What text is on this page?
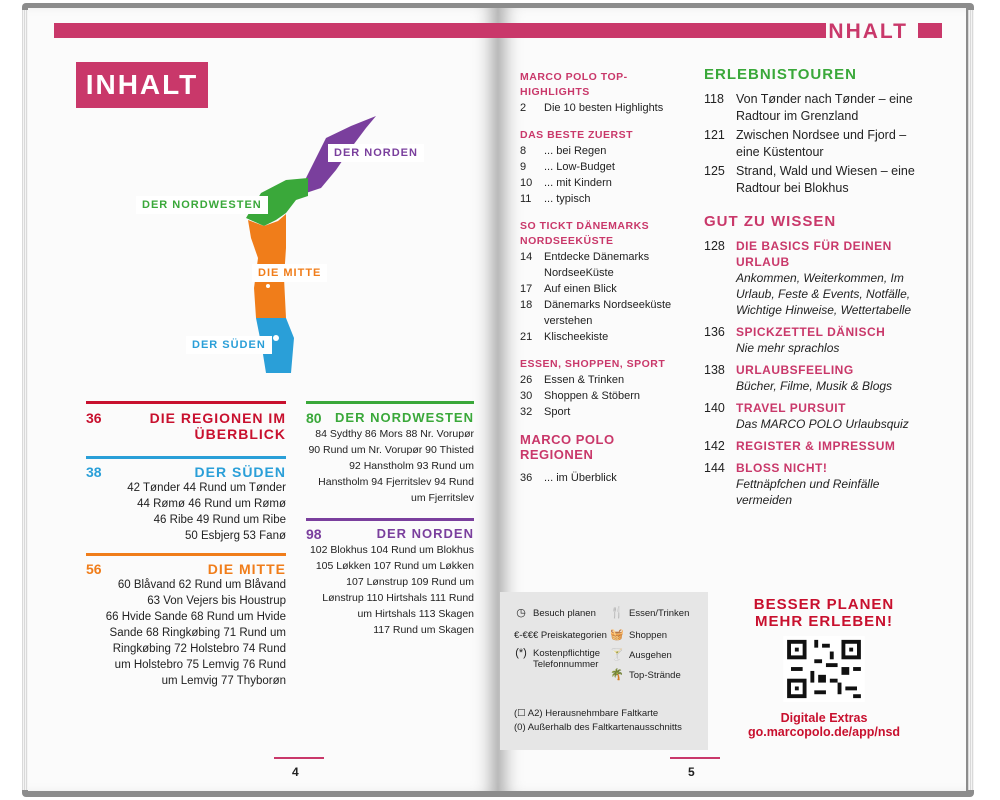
INHALT
DER NORDEN
DER NORDWESTEN
DIE MITTE
DER SÜDEN
36	DIE REGIONEN IM ÜBERBLICK
38	DER SÜDEN
42 Tønder 44 Rund um Tønder
44 Rømø 46 Rund um Rømø
46 Ribe 49 Rund um Ribe
50 Esbjerg 53 Fanø
56	DIE MITTE
60 Blåvand 62 Rund um Blåvand
63 Von Vejers bis Houstrup
66 Hvide Sande 68 Rund um Hvide
Sande 68 Ringkøbing 71 Rund um
Ringkøbing 72 Holstebro 74 Rund
um Holstebro 75 Lemvig 76 Rund
um Lemvig 77 Thyborøn
80 DER NORDWESTEN
84 Sydthy 86 Mors 88 Nr. Vorupør
90 Rund um Nr. Vorupør 90 Thisted
92 Hanstholm 93 Rund um
Hanstholm 94 Fjerritslev 94 Rund
um Fjerritslev
98	DER NORDEN
102 Blokhus 104 Rund um Blokhus
105 Løkken 107 Rund um Løkken
107 Lønstrup 109 Rund um
Lønstrup 110 Hirtshals 111 Rund
um Hirtshals 113 Skagen
117 Rund um Skagen
4
INHALT
MARCO POLO TOP-HIGHLIGHTS
2	Die 10 besten Highlights
DAS BESTE ZUERST
8	... bei Regen
9	... Low-Budget
10	... mit Kindern
11	... typisch
SO TICKT DÄNEMARKS NORDSEEKÜSTE
14	Entdecke Dänemarks NordseeKüste
17	Auf einen Blick
18	Dänemarks Nordseeküste verstehen
21	Klischeekiste
ESSEN, SHOPPEN, SPORT
26	Essen & Trinken
30	Shoppen & Stöbern
32	Sport
MARCO POLO REGIONEN
36	... im Überblick
ERLEBNISTOUREN
118 Von Tønder nach Tønder – eine Radtour im Grenzland
121 Zwischen Nordsee und Fjord – eine Küstentour
125 Strand, Wald und Wiesen – eine Radtour bei Blokhus
GUT ZU WISSEN
128 DIE BASICS FÜR DEINEN URLAUB
Ankommen, Weiterkommen, Im Urlaub, Feste & Events, Notfälle, Wichtige Hinweise, Wettertabelle
136 SPICKZETTEL DÄNISCH
Nie mehr sprachlos
138 URLAUBSFEELING
Bücher, Filme, Musik & Blogs
140 TRAVEL PURSUIT
Das MARCO POLO Urlaubsquiz
142 REGISTER & IMPRESSUM
144 BLOSS NICHT!
Fettnäpfchen und Reinfälle vermeiden
◷ Besuch planen
€-€€€ Preiskategorien
(*) Kostenpflichtige Telefonnummer
🍴 Essen/Trinken
🧺 Shoppen
🍸 Ausgehen
🌴 Top-Strände
(☐ A2) Herausnehmbare Faltkarte
(0) Außerhalb des Faltkartenausschnitts
BESSER PLANEN
MEHR ERLEBEN!
Digitale Extras
go.marcopolo.de/app/nsd
5
